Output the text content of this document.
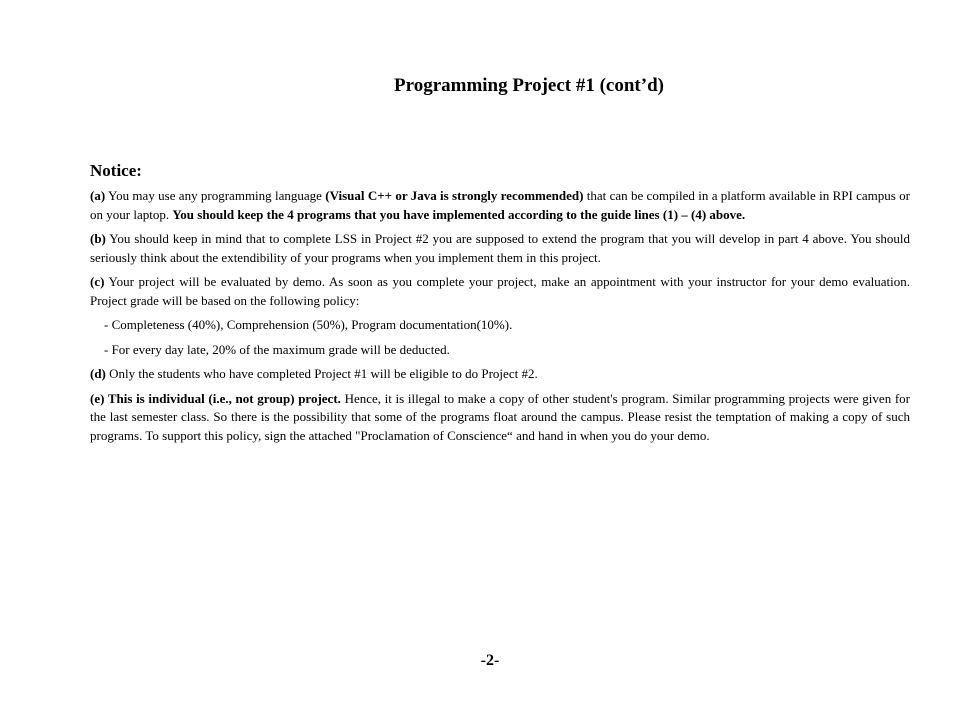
Programming Project #1 (cont’d)
Notice:

(a) You may use any programming language (Visual C++ or Java is strongly recommended) that can be compiled in a platform available in RPI campus or on your laptop. You should keep the 4 programs that you have implemented according to the guide lines (1) – (4) above.

(b) You should keep in mind that to complete LSS in Project #2 you are supposed to extend the program that you will develop in part 4 above. You should seriously think about the extendibility of your programs when you implement them in this project.

(c) Your project will be evaluated by demo. As soon as you complete your project, make an appointment with your instructor for your demo evaluation. Project grade will be based on the following policy:

- Completeness (40%), Comprehension (50%), Program documentation(10%).

- For every day late, 20% of the maximum grade will be deducted.

(d) Only the students who have completed Project #1 will be eligible to do Project #2.

(e) This is individual (i.e., not group) project. Hence, it is illegal to make a copy of other student's program. Similar programming projects were given for the last semester class. So there is the possibility that some of the programs float around the campus. Please resist the temptation of making a copy of such programs. To support this policy, sign the attached "Proclamation of Conscience“ and hand in when you do your demo.

-2-
